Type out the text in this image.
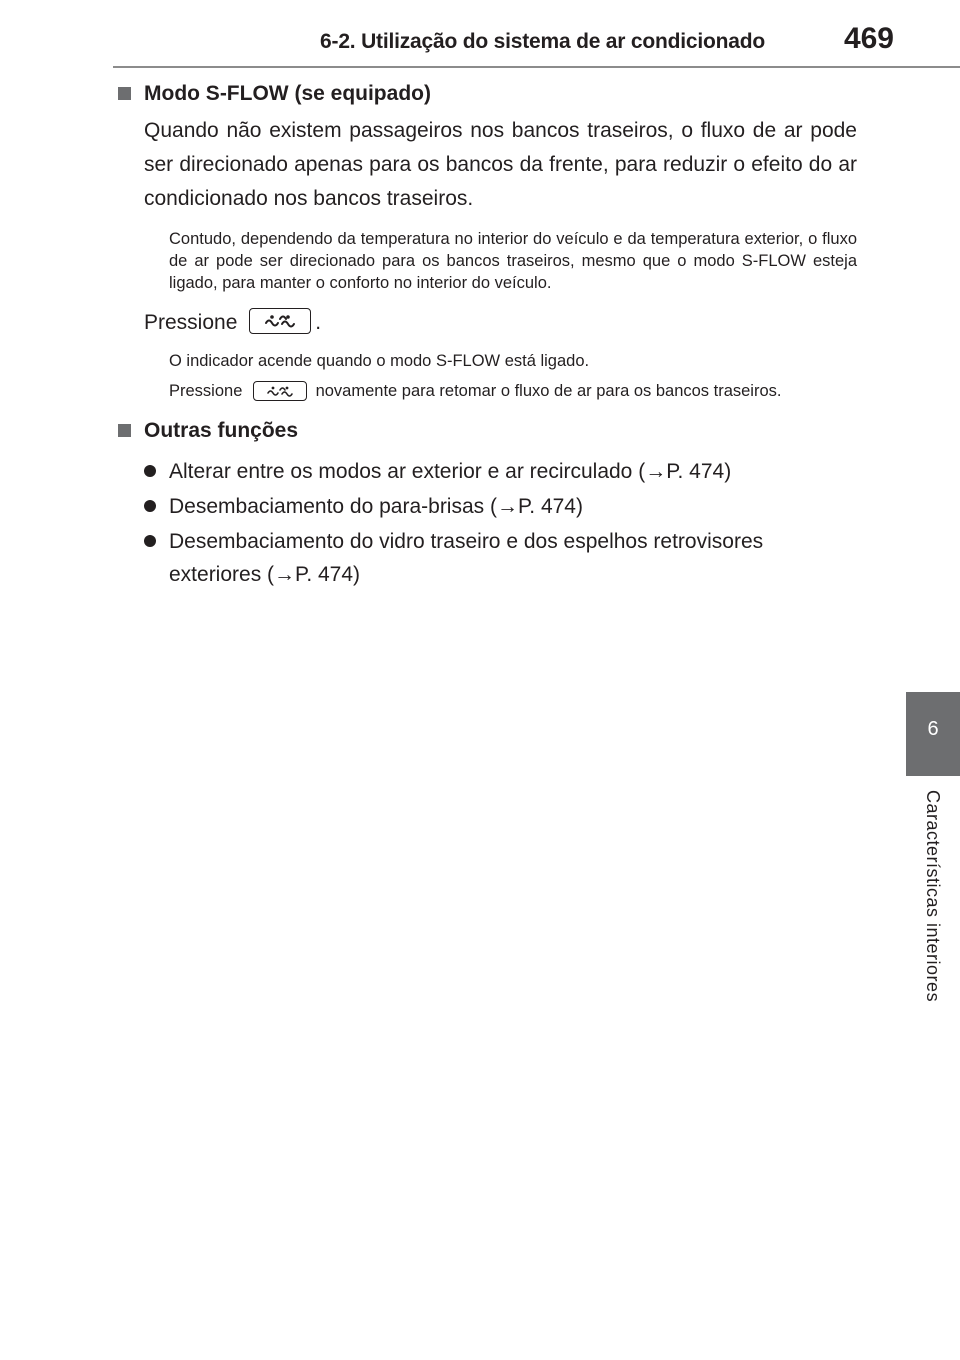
6-2. Utilização do sistema de ar condicionado	469
6
Características interiores
Modo S-FLOW (se equipado)
Quando não existem passageiros nos bancos traseiros, o fluxo de ar pode ser direcionado apenas para os bancos da frente, para reduzir o efeito do ar condicionado nos bancos traseiros.
Contudo, dependendo da temperatura no interior do veículo e da temperatura exterior, o fluxo de ar pode ser direcionado para os bancos traseiros, mesmo que o modo S-FLOW esteja ligado, para manter o conforto no interior do veículo.
Pressione	.
O indicador acende quando o modo S-FLOW está ligado.
Pressione	novamente para retomar o fluxo de ar para os bancos traseiros.
Outras funções
Alterar entre os modos ar exterior e ar recirculado (→P. 474)
Desembaciamento do para-brisas (→P. 474)
Desembaciamento do vidro traseiro e dos espelhos retrovisores exteriores (→P. 474)
